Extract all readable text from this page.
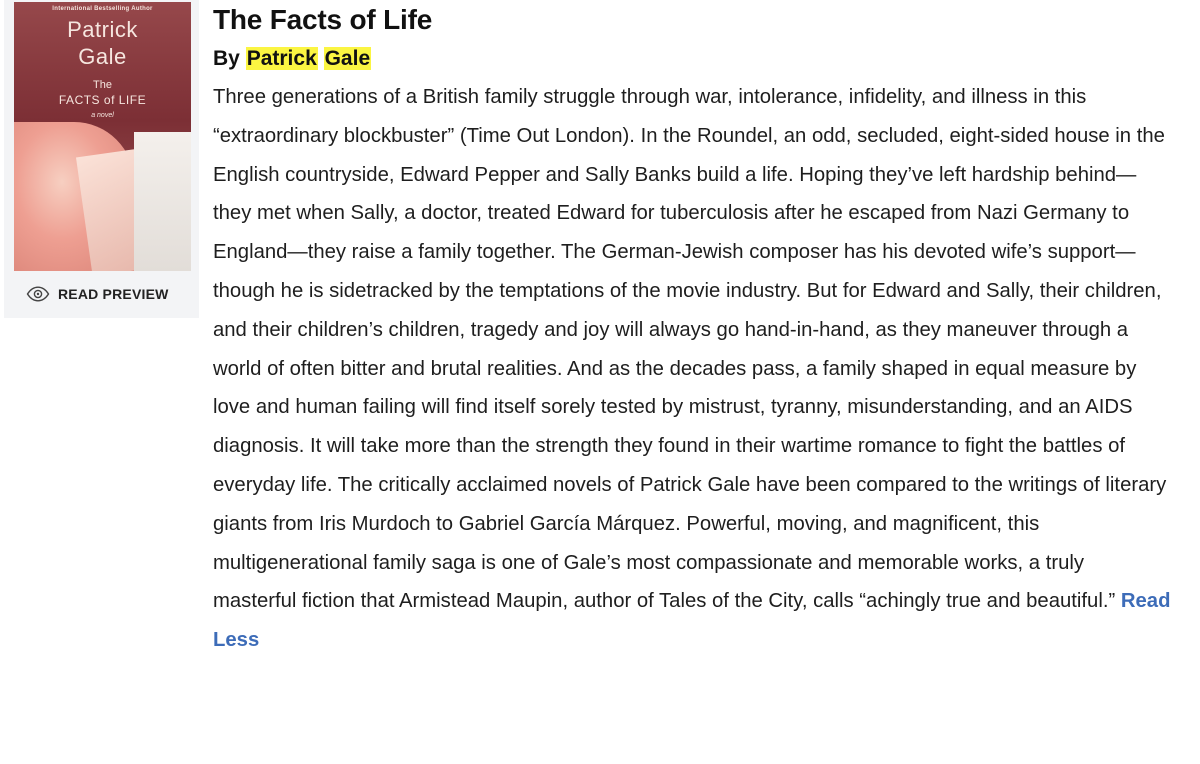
International Bestselling Author
Patrick
Gale
The
FACTS of LIFE
a novel
READ PREVIEW
The Facts of Life
By Patrick Gale
Three generations of a British family struggle through war, intolerance, infidelity, and illness in this “extraordinary blockbuster” (Time Out London). In the Roundel, an odd, secluded, eight-sided house in the English countryside, Edward Pepper and Sally Banks build a life. Hoping they’ve left hardship behind—they met when Sally, a doctor, treated Edward for tuberculosis after he escaped from Nazi Germany to England—they raise a family together. The German-Jewish composer has his devoted wife’s support—though he is sidetracked by the temptations of the movie industry. But for Edward and Sally, their children, and their children’s children, tragedy and joy will always go hand-in-hand, as they maneuver through a world of often bitter and brutal realities. And as the decades pass, a family shaped in equal measure by love and human failing will find itself sorely tested by mistrust, tyranny, misunderstanding, and an AIDS diagnosis. It will take more than the strength they found in their wartime romance to fight the battles of everyday life. The critically acclaimed novels of Patrick Gale have been compared to the writings of literary giants from Iris Murdoch to Gabriel García Márquez. Powerful, moving, and magnificent, this multigenerational family saga is one of Gale’s most compassionate and memorable works, a truly masterful fiction that Armistead Maupin, author of Tales of the City, calls “achingly true and beautiful.” Read Less
